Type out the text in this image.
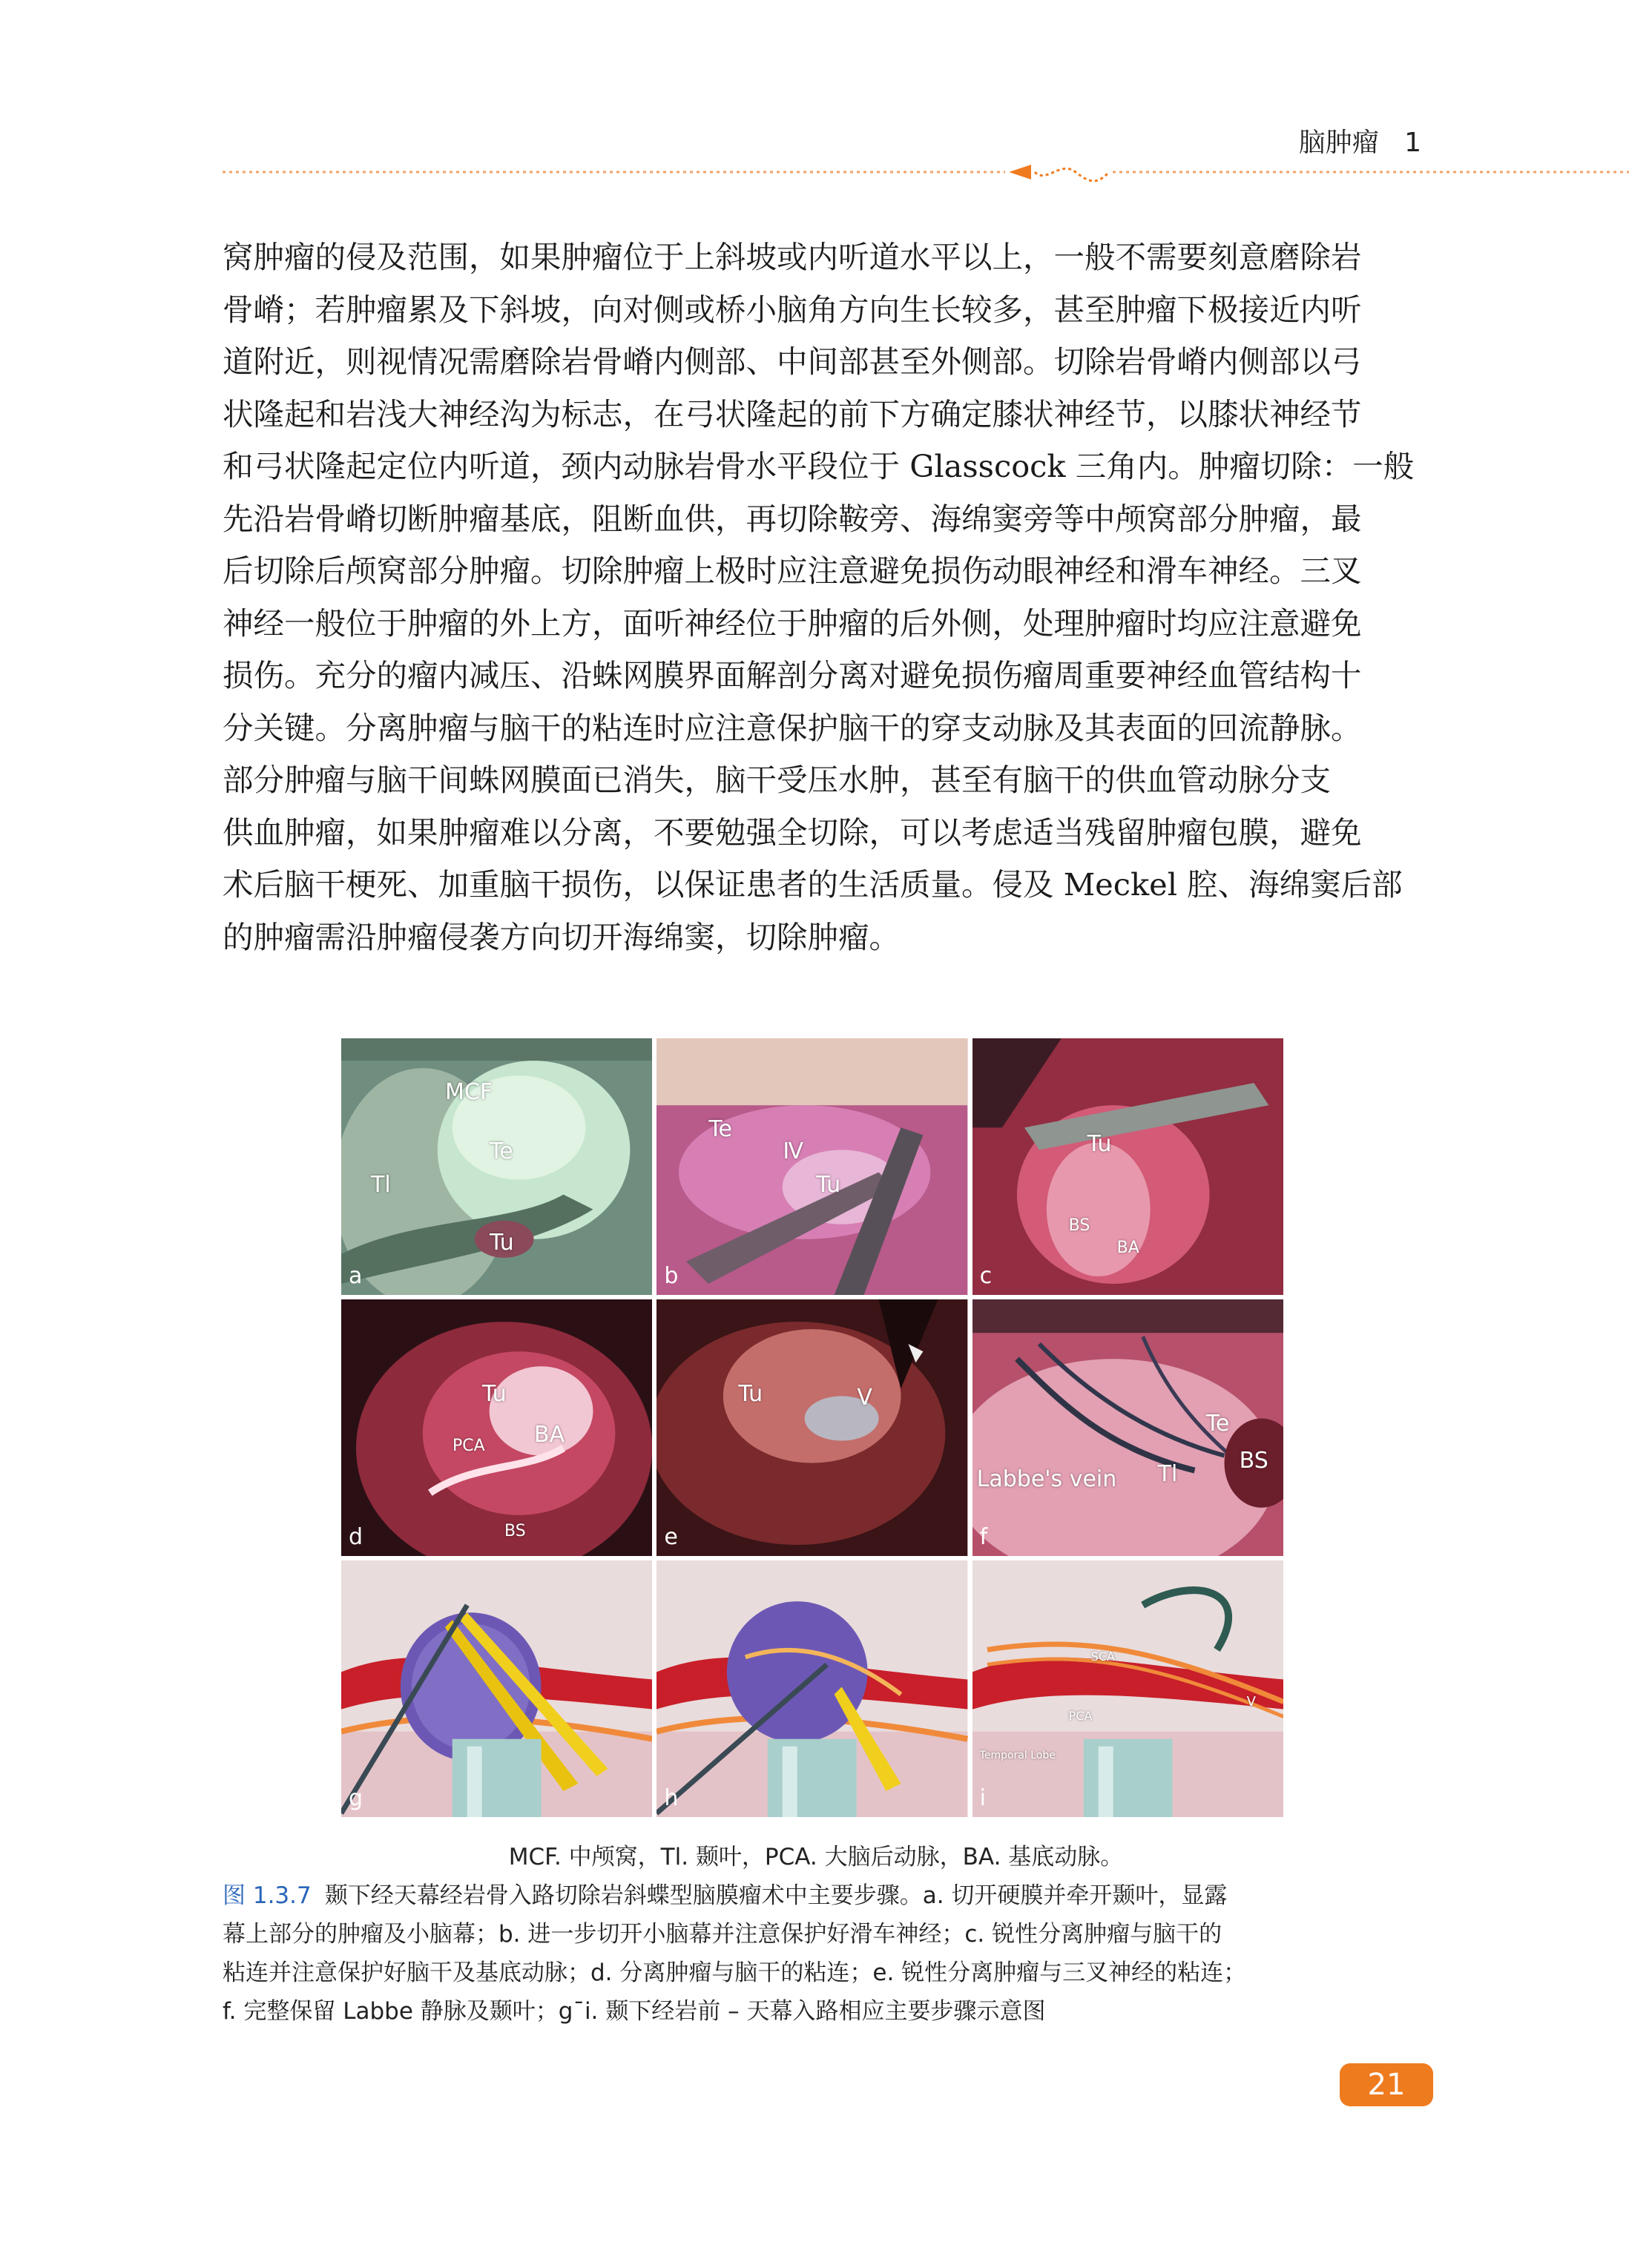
脑肿瘤 1
窝肿瘤的侵及范围，如果肿瘤位于上斜坡或内听道水平以上，一般不需要刻意磨除岩
骨嵴；若肿瘤累及下斜坡，向对侧或桥小脑角方向生长较多，甚至肿瘤下极接近内听
道附近，则视情况需磨除岩骨嵴内侧部、中间部甚至外侧部。切除岩骨嵴内侧部以弓
状隆起和岩浅大神经沟为标志，在弓状隆起的前下方确定膝状神经节，以膝状神经节
和弓状隆起定位内听道，颈内动脉岩骨水平段位于 Glasscock 三角内。肿瘤切除：一般
先沿岩骨嵴切断肿瘤基底，阻断血供，再切除鞍旁、海绵窦旁等中颅窝部分肿瘤，最
后切除后颅窝部分肿瘤。切除肿瘤上极时应注意避免损伤动眼神经和滑车神经。三叉
神经一般位于肿瘤的外上方，面听神经位于肿瘤的后外侧，处理肿瘤时均应注意避免
损伤。充分的瘤内减压、沿蛛网膜界面解剖分离对避免损伤瘤周重要神经血管结构十
分关键。分离肿瘤与脑干的粘连时应注意保护脑干的穿支动脉及其表面的回流静脉。
部分肿瘤与脑干间蛛网膜面已消失，脑干受压水肿，甚至有脑干的供血管动脉分支
供血肿瘤，如果肿瘤难以分离，不要勉强全切除，可以考虑适当残留肿瘤包膜，避免
术后脑干梗死、加重脑干损伤，以保证患者的生活质量。侵及 Meckel 腔、海绵窦后部
的肿瘤需沿肿瘤侵袭方向切开海绵窦，切除肿瘤。
MCF
Te
Tl
Tu
a
Te
Ⅳ
Tu
b
Tu
BS
BA
c
Tu
BA
PCA
BS
d
Tu	V
e
Te
BS
Labbe's vein Tl
f
g	h
SCA
PCA
V
Temporal Lobe
i
MCF. 中颅窝，Tl. 颞叶，PCA. 大脑后动脉，BA. 基底动脉。
图 1.3.7 颞下经天幕经岩骨入路切除岩斜蝶型脑膜瘤术中主要步骤。a. 切开硬膜并牵开颞叶，显露
幕上部分的肿瘤及小脑幕；b. 进一步切开小脑幕并注意保护好滑车神经；c. 锐性分离肿瘤与脑干的
粘连并注意保护好脑干及基底动脉；d. 分离肿瘤与脑干的粘连；e. 锐性分离肿瘤与三叉神经的粘连；
f. 完整保留 Labbe 静脉及颞叶；g¯i. 颞下经岩前 – 天幕入路相应主要步骤示意图
21
